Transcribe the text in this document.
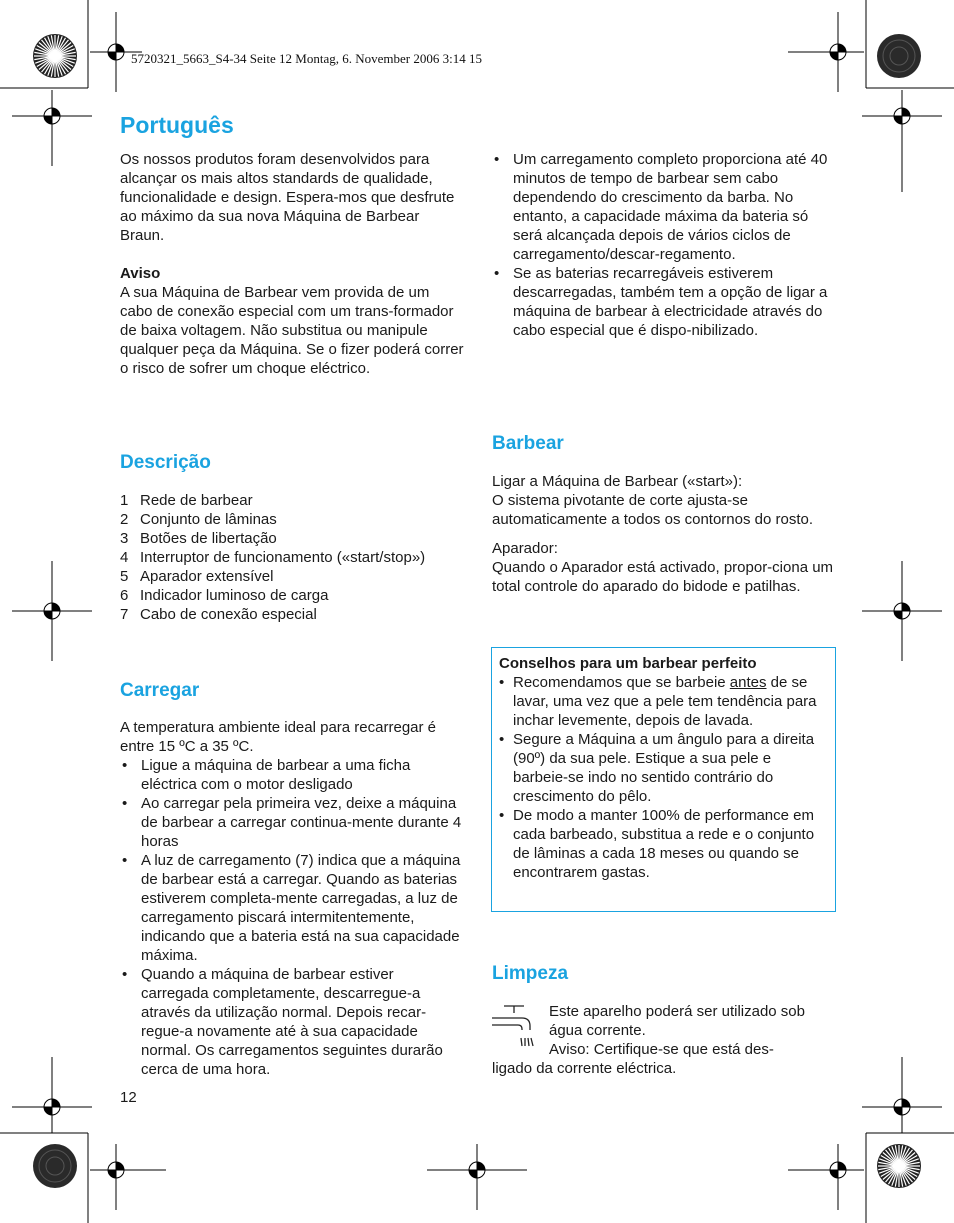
5720321_5663_S4-34 Seite 12 Montag, 6. November 2006 3:14 15
Português

Os nossos produtos foram desenvolvidos para alcançar os mais altos standards de qualidade, funcionalidade e design. Espera-mos que desfrute ao máximo da sua nova Máquina de Barbear Braun.

Aviso

A sua Máquina de Barbear vem provida de um cabo de conexão especial com um trans-formador de baixa voltagem. Não substitua ou manipule qualquer peça da Máquina. Se o fizer poderá correr o risco de sofrer um choque eléctrico.

Descrição
1 Rede de barbear
2 Conjunto de lâminas
3 Botões de libertação
4 Interruptor de funcionamento («start/stop»)
5 Aparador extensível
6 Indicador luminoso de carga
7 Cabo de conexão especial
Carregar

A temperatura ambiente ideal para recarregar é entre 15 ºC a 35 ºC.

• Ligue a máquina de barbear a uma ficha eléctrica com o motor desligado
• Ao carregar pela primeira vez, deixe a máquina de barbear a carregar continua-mente durante 4 horas
• A luz de carregamento (7) indica que a máquina de barbear está a carregar. Quando as baterias estiverem completa-mente carregadas, a luz de carregamento piscará intermitentemente, indicando que a bateria está na sua capacidade máxima.
• Quando a máquina de barbear estiver carregada completamente, descarregue-a através da utilização normal. Depois recar-regue-a novamente até à sua capacidade normal. Os carregamentos seguintes durarão cerca de uma hora.
12
• Um carregamento completo proporciona até 40 minutos de tempo de barbear sem cabo dependendo do crescimento da barba. No entanto, a capacidade máxima da bateria só será alcançada depois de vários ciclos de carregamento/descar-regamento.
• Se as baterias recarregáveis estiverem descarregadas, também tem a opção de ligar a máquina de barbear à electricidade através do cabo especial que é dispo-nibilizado.
Barbear

Ligar a Máquina de Barbear («start»):

O sistema pivotante de corte ajusta-se automaticamente a todos os contornos do rosto.

Aparador:

Quando o Aparador está activado, propor-ciona um total controle do aparado do bidode e patilhas.

Conselhos para um barbear perfeito

• Recomendamos que se barbeie antes de se lavar, uma vez que a pele tem tendência para inchar levemente, depois de lavada.
• Segure a Máquina a um ângulo para a direita (90º) da sua pele. Estique a sua pele e barbeie-se indo no sentido contrário do crescimento do pêlo.
• De modo a manter 100% de performance em cada barbeado, substitua a rede e o conjunto de lâminas a cada 18 meses ou quando se encontrarem gastas.
Limpeza

Este aparelho poderá ser utilizado sob

água corrente.

Aviso: Certifique-se que está des-

ligado da corrente eléctrica.
